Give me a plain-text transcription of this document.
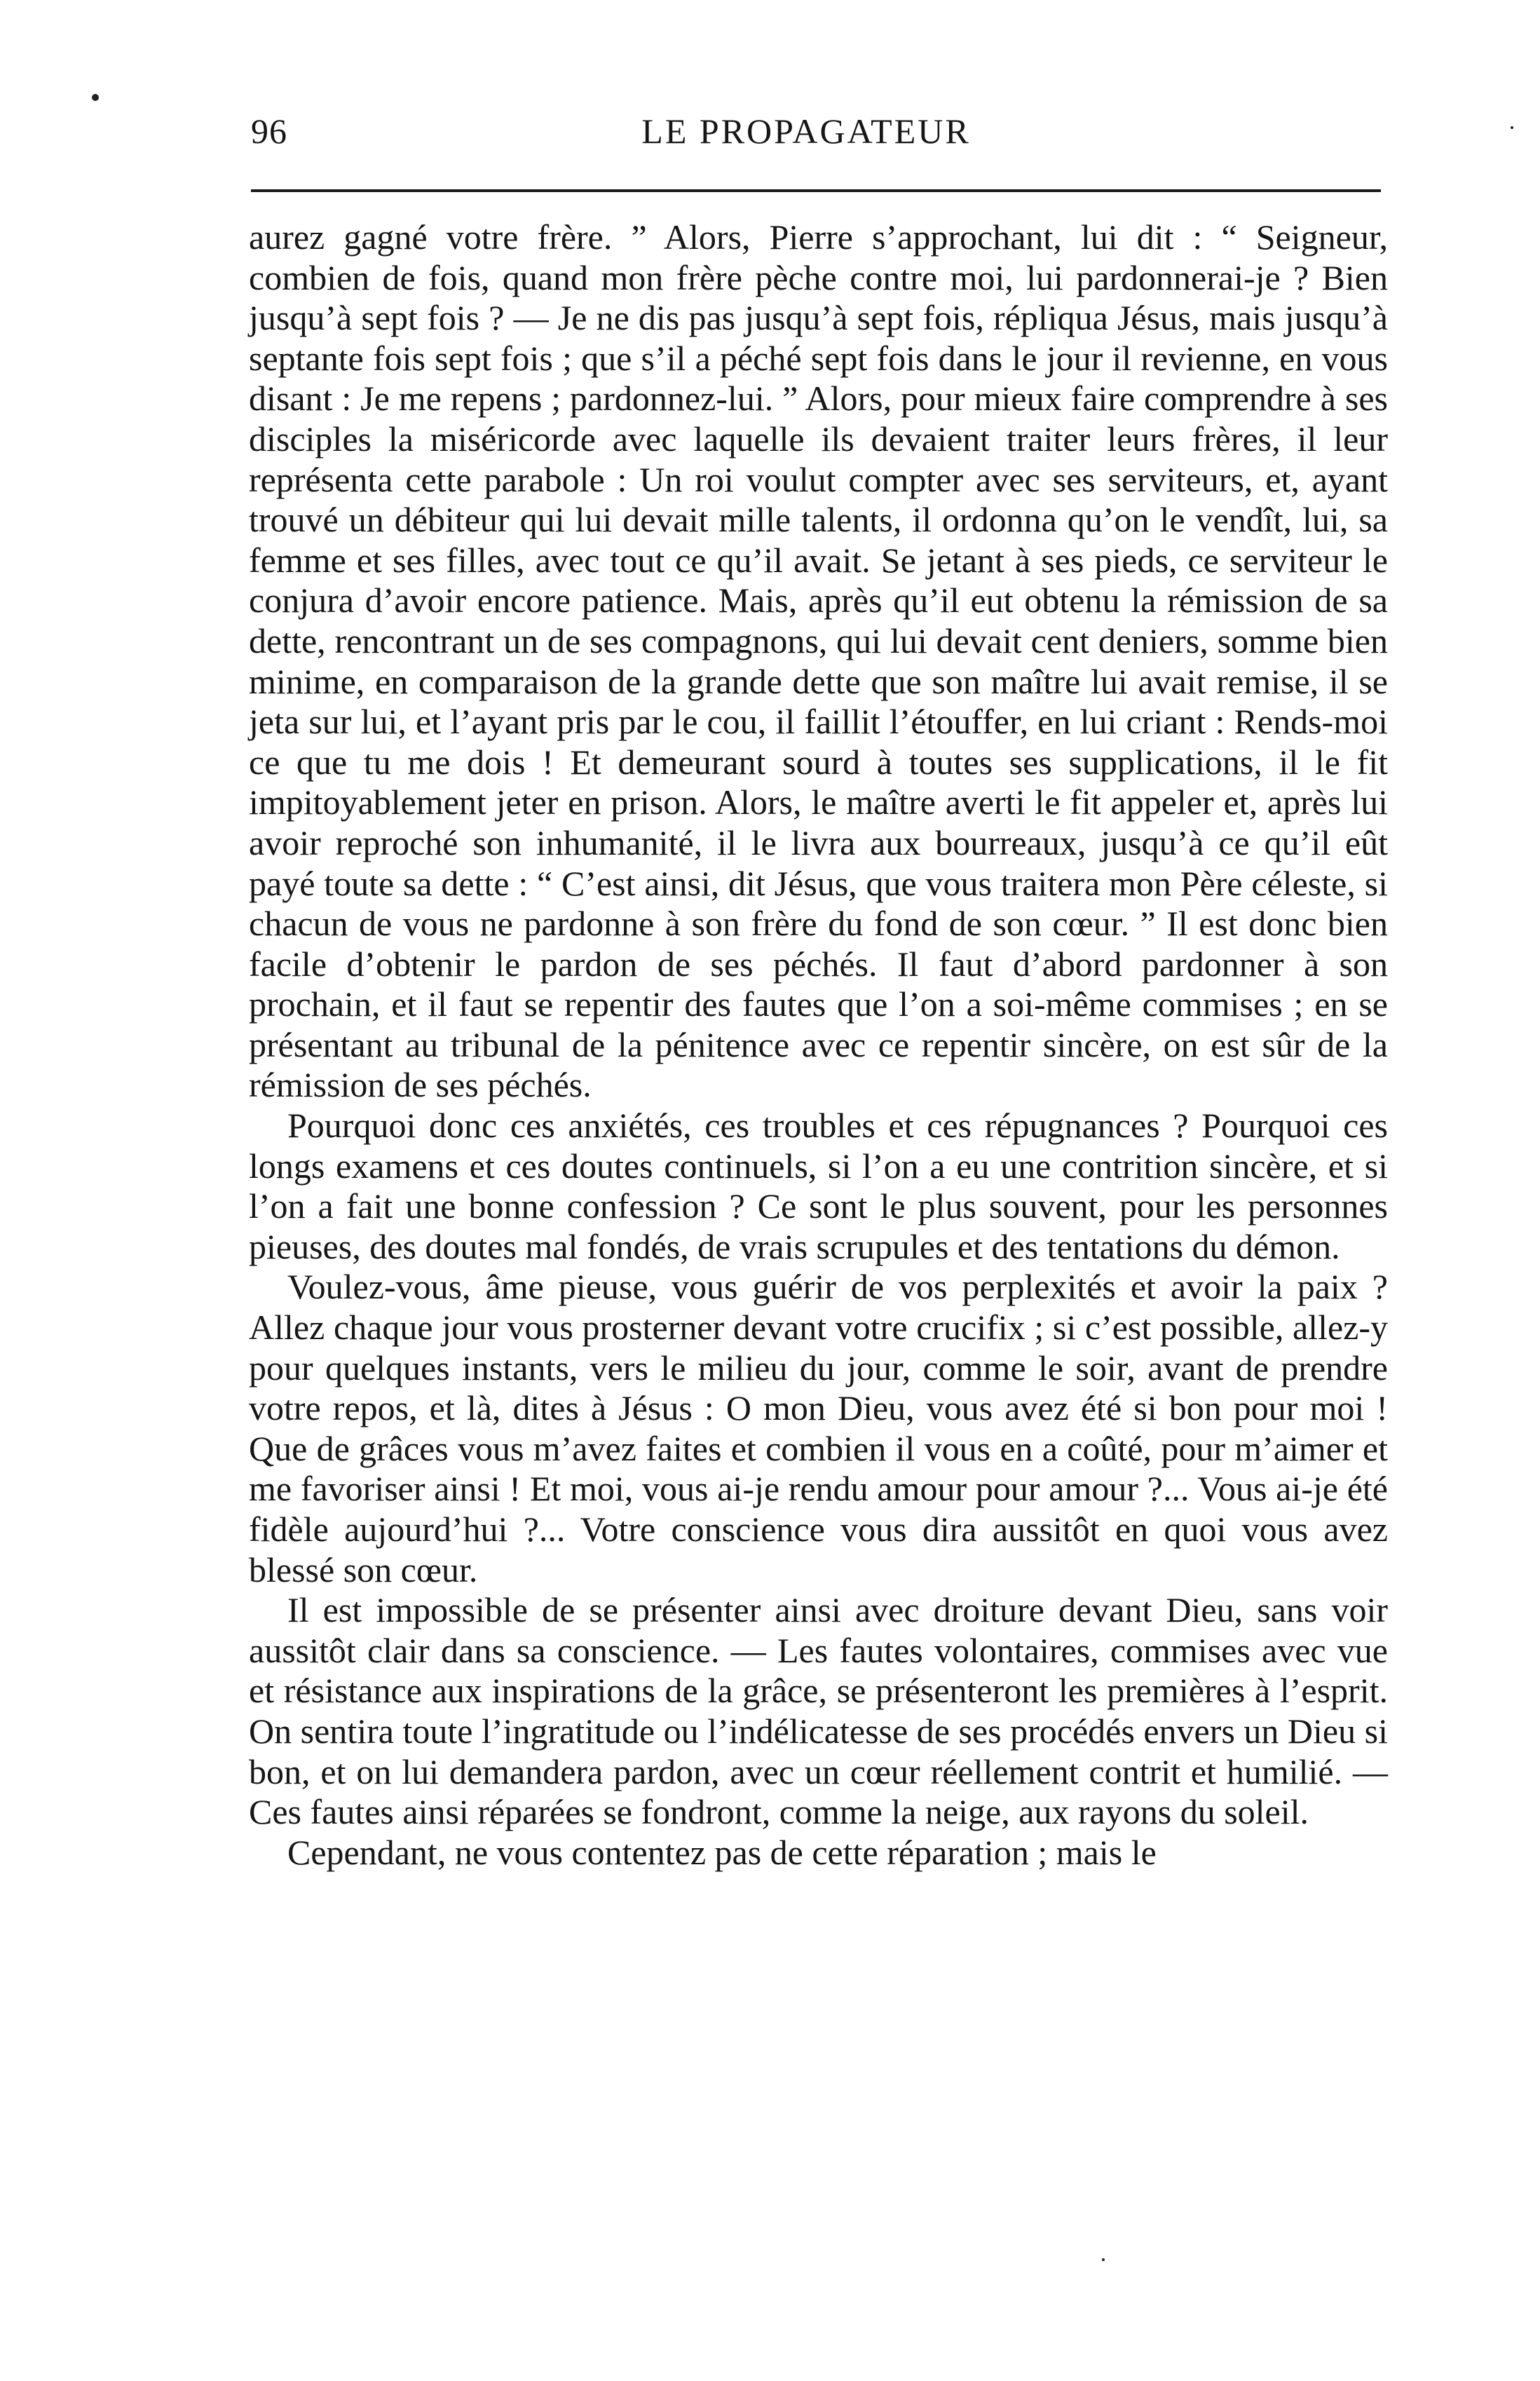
96	LE PROPAGATEUR

aurez gagné votre frère. ” Alors, Pierre s’approchant, lui dit : “ Seigneur, combien de fois, quand mon frère pèche contre moi, lui pardonnerai-je ? Bien jusqu’à sept fois ? — Je ne dis pas jusqu’à sept fois, répliqua Jésus, mais jusqu’à septante fois sept fois ; que s’il a péché sept fois dans le jour il revienne, en vous disant : Je me repens ; pardonnez-lui. ” Alors, pour mieux faire comprendre à ses disciples la miséricorde avec laquelle ils devaient traiter leurs frères, il leur représenta cette parabole : Un roi voulut compter avec ses serviteurs, et, ayant trouvé un débiteur qui lui devait mille talents, il ordonna qu’on le vendît, lui, sa femme et ses filles, avec tout ce qu’il avait. Se jetant à ses pieds, ce serviteur le conjura d’avoir encore patience. Mais, après qu’il eut obtenu la rémission de sa dette, rencontrant un de ses compagnons, qui lui devait cent deniers, somme bien minime, en comparaison de la grande dette que son maître lui avait remise, il se jeta sur lui, et l’ayant pris par le cou, il faillit l’étouffer, en lui criant : Rends-moi ce que tu me dois ! Et demeurant sourd à toutes ses supplications, il le fit impitoyablement jeter en prison. Alors, le maître averti le fit appeler et, après lui avoir reproché son inhumanité, il le livra aux bourreaux, jusqu’à ce qu’il eût payé toute sa dette : “ C’est ainsi, dit Jésus, que vous traitera mon Père céleste, si chacun de vous ne pardonne à son frère du fond de son cœur. ” Il est donc bien facile d’obtenir le pardon de ses péchés. Il faut d’abord pardonner à son prochain, et il faut se repentir des fautes que l’on a soi-même commises ; en se présentant au tribunal de la pénitence avec ce repentir sincère, on est sûr de la rémission de ses péchés.

Pourquoi donc ces anxiétés, ces troubles et ces répugnances ? Pourquoi ces longs examens et ces doutes continuels, si l’on a eu une contrition sincère, et si l’on a fait une bonne confession ? Ce sont le plus souvent, pour les personnes pieuses, des doutes mal fondés, de vrais scrupules et des tentations du démon.

Voulez-vous, âme pieuse, vous guérir de vos perplexités et avoir la paix ? Allez chaque jour vous prosterner devant votre crucifix ; si c’est possible, allez-y pour quelques instants, vers le milieu du jour, comme le soir, avant de prendre votre repos, et là, dites à Jésus : O mon Dieu, vous avez été si bon pour moi ! Que de grâces vous m’avez faites et combien il vous en a coûté, pour m’aimer et me favoriser ainsi ! Et moi, vous ai-je rendu amour pour amour ?... Vous ai-je été fidèle aujourd’hui ?... Votre conscience vous dira aussitôt en quoi vous avez blessé son cœur.

Il est impossible de se présenter ainsi avec droiture devant Dieu, sans voir aussitôt clair dans sa conscience. — Les fautes volontaires, commises avec vue et résistance aux inspirations de la grâce, se présenteront les premières à l’esprit. On sentira toute l’ingratitude ou l’indélicatesse de ses procédés envers un Dieu si bon, et on lui demandera pardon, avec un cœur réellement contrit et humilié. — Ces fautes ainsi réparées se fondront, comme la neige, aux rayons du soleil.

Cependant, ne vous contentez pas de cette réparation ; mais le
